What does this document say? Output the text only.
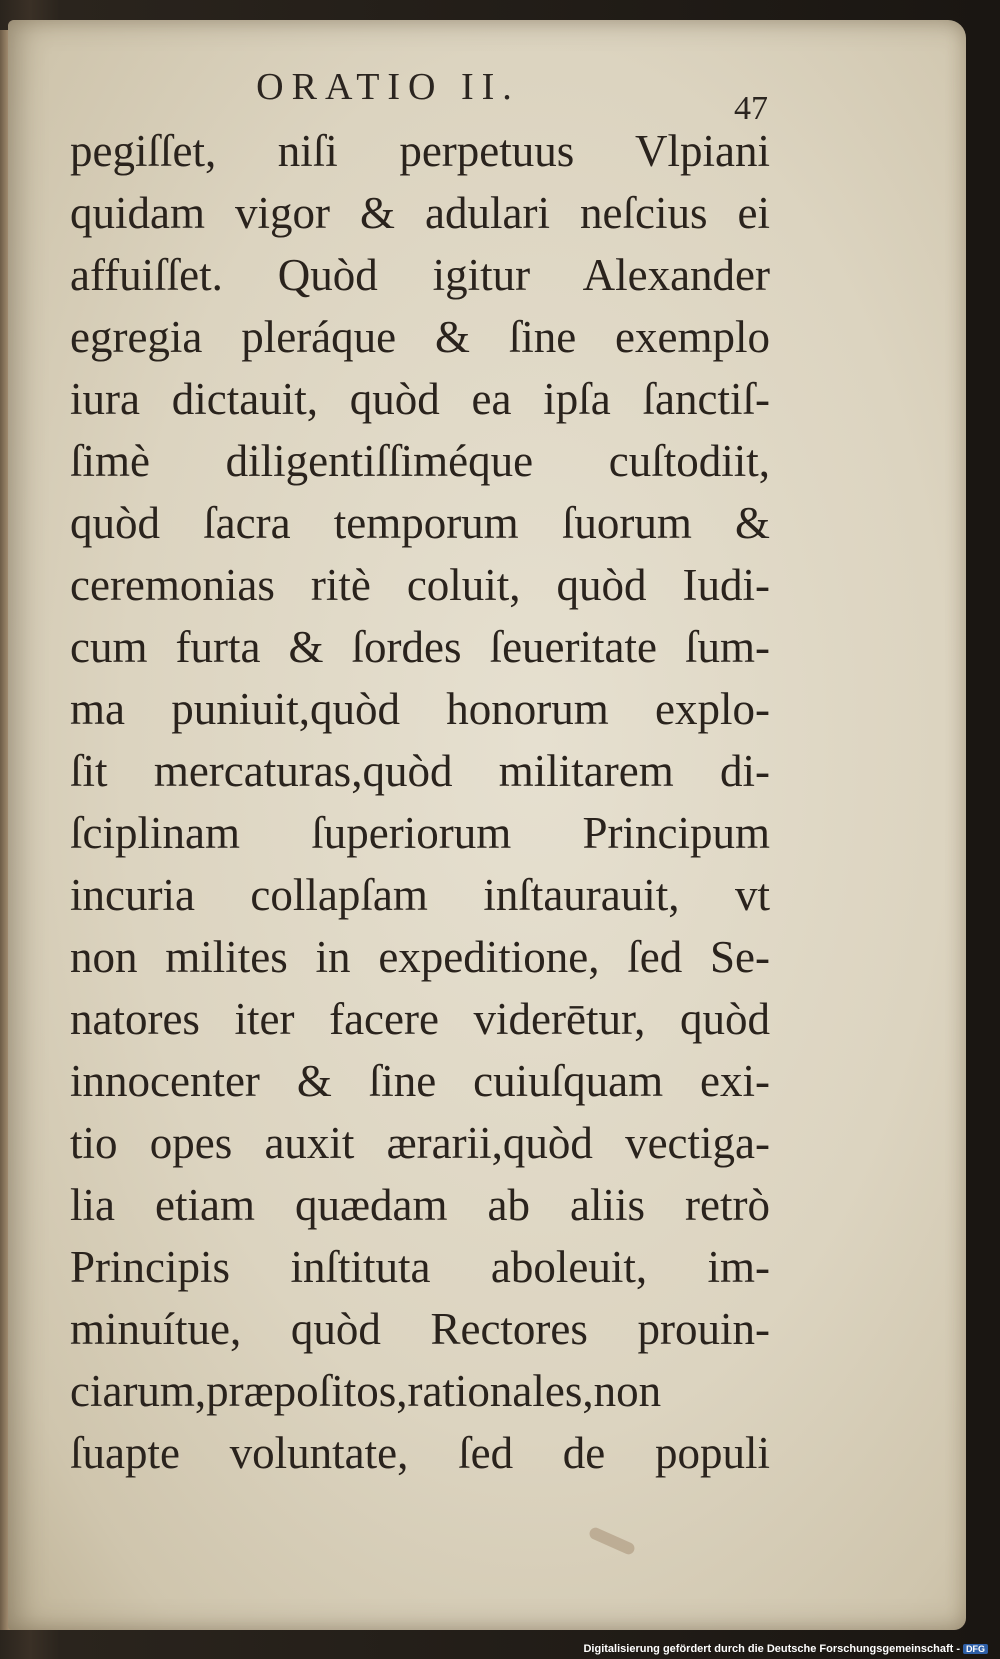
ORATIO II.
47
pegiſſet, niſi perpetuus Vlpiani
quidam vigor & adulari neſcius ei
affuiſſet. Quòd igitur Alexander
egregia pleráque & ſine exemplo
iura dictauit, quòd ea ipſa ſanctiſ-
ſimè diligentiſſiméque cuſtodiit,
quòd ſacra temporum ſuorum &
ceremonias ritè coluit, quòd Iudi-
cum furta & ſordes ſeueritate ſum-
ma puniuit,quòd honorum explo-
ſit mercaturas,quòd militarem di-
ſciplinam ſuperiorum Principum
incuria collapſam inſtaurauit, vt
non milites in expeditione, ſed Se-
natores iter facere viderētur, quòd
innocenter & ſine cuiuſquam exi-
tio opes auxit ærarii,quòd vectiga-
lia etiam quædam ab aliis retrò
Principis inſtituta aboleuit, im-
minuítue, quòd Rectores prouin-
ciarum,præpoſitos,rationales,non
ſuapte voluntate, ſed de populi
Digitalisierung gefördert durch die Deutsche Forschungsgemeinschaft - DFG
